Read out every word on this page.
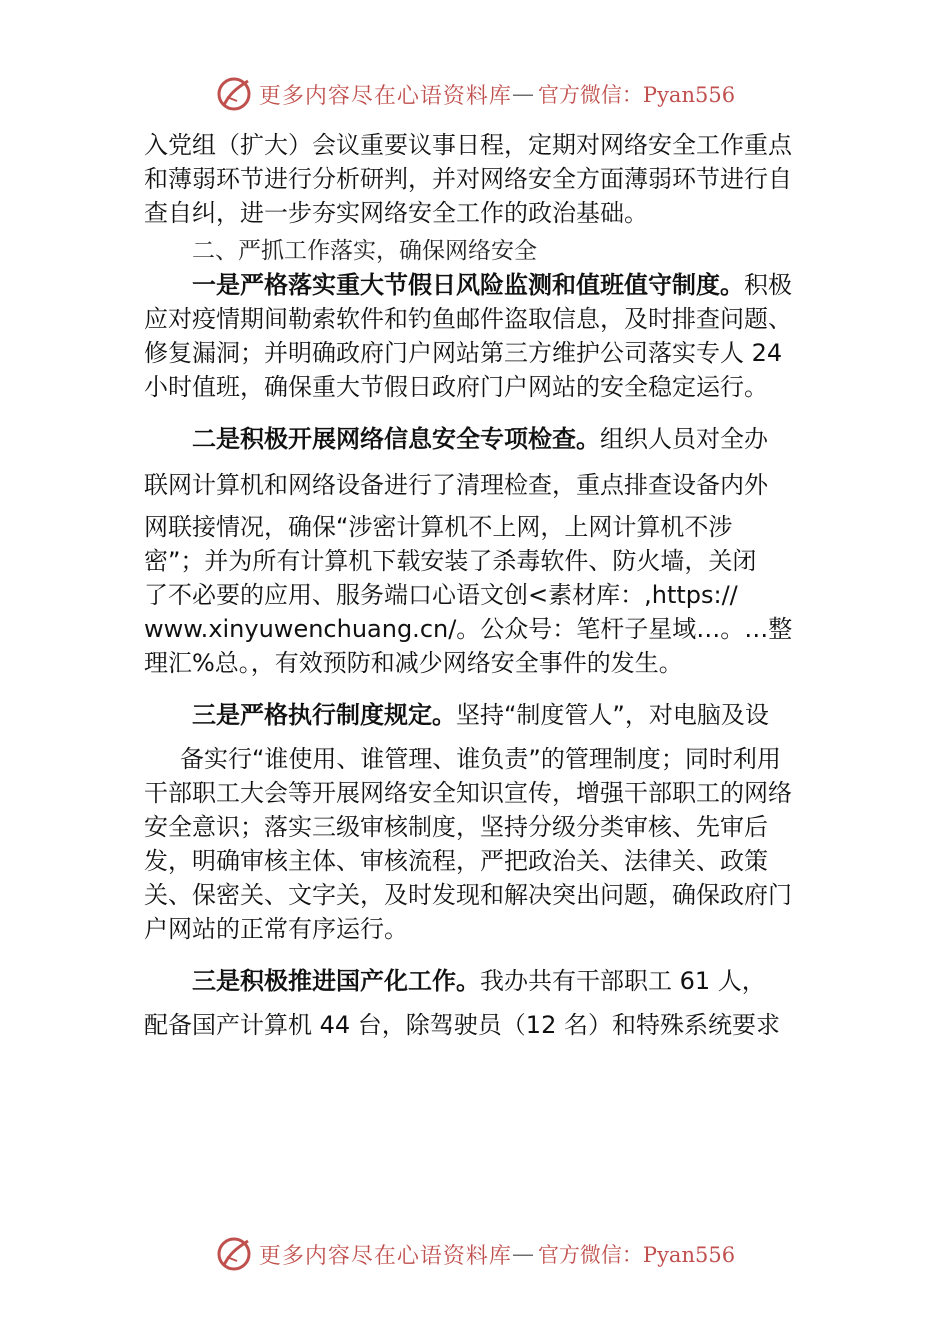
更多内容尽在心语资料库 — 官方微信：Pyan556

入党组（扩大）会议重要议事日程，定期对网络安全工作重点和薄弱环节进行分析研判，并对网络安全方面薄弱环节进行自查自纠，进一步夯实网络安全工作的政治基础。

二、严抓工作落实，确保网络安全

一是严格落实重大节假日风险监测和值班值守制度。积极应对疫情期间勒索软件和钓鱼邮件盗取信息，及时排查问题、修复漏洞；并明确政府门户网站第三方维护公司落实专人 24 小时值班，确保重大节假日政府门户网站的安全稳定运行。

二是积极开展网络信息安全专项检查。组织人员对全办
联网计算机和网络设备进行了清理检查，重点排查设备内外
网联接情况，确保“涉密计算机不上网，上网计算机不涉
密”；并为所有计算机下载安装了杀毒软件、防火墙，关闭
了不必要的应用、服务端口心语文创<素材库：,https://
www.xinyuwenchuang.cn/。公众号：笔杆子星域…。…整
理汇%总。，有效预防和减少网络安全事件的发生。
三是严格执行制度规定。坚持“制度管人”，对电脑及设
备实行“谁使用、谁管理、谁负责”的管理制度；同时利用
干部职工大会等开展网络安全知识宣传，增强干部职工的网络安全意识；落实三级审核制度，坚持分级分类审核、先审后发，明确审核主体、审核流程，严把政治关、法律关、政策关、保密关、文字关，及时发现和解决突出问题，确保政府门户网站的正常有序运行。
三是积极推进国产化工作。我办共有干部职工 61 人，
配备国产计算机 44 台，除驾驶员（12 名）和特殊系统要求
更多内容尽在心语资料库 — 官方微信：Pyan556
